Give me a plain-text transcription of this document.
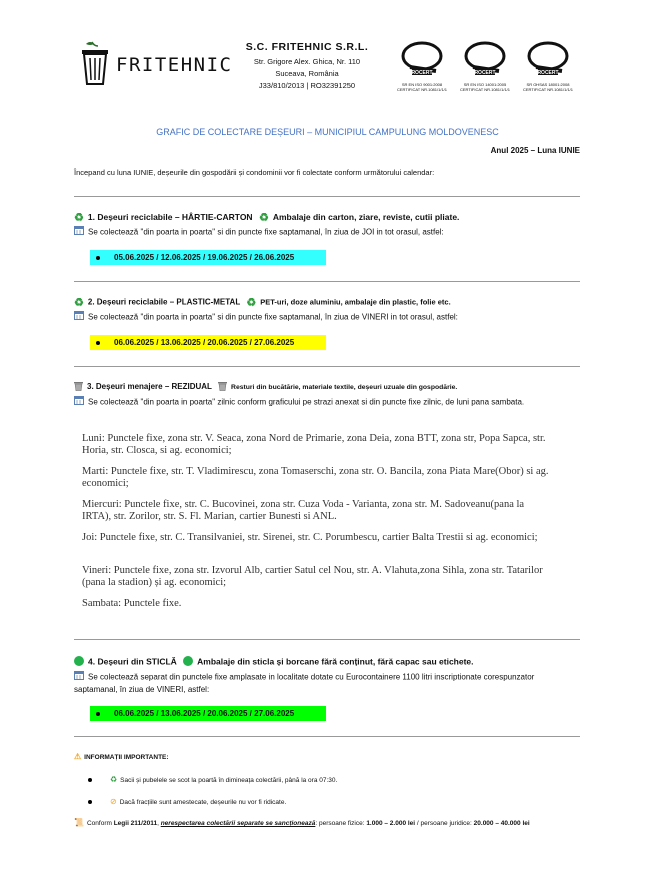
FRITEHNIC
S.C. FRITEHNIC S.R.L.
Str. Grigore Alex. Ghica, Nr. 110
Suceava, România
J33/810/2013 | RO32391250
ROCERT
SR EN ISO 9001:2008
CERTIFICAT NR.1081/1/1/1
ROCERT
SR EN ISO 14001:2005
CERTIFICAT NR.1081/1/1/1
ROCERT
SR OHSAS 18001:2008
CERTIFICAT NR.1081/1/1/1
GRAFIC DE COLECTARE DEȘEURI – MUNICIPIUL CAMPULUNG MOLDOVENESC
Anul 2025 – Luna IUNIE
Începand cu luna IUNIE, deșeurile din gospodării și condominii vor fi colectate conform următorului calendar:
♻ 1. Deșeuri reciclabile – HÂRTIE-CARTON ♻ Ambalaje din carton, ziare, reviste, cutii pliate.
Se colectează "din poarta in poarta" si din puncte fixe saptamanal, în ziua de JOI in tot orasul, astfel:
05.06.2025 / 12.06.2025 / 19.06.2025 / 26.06.2025
♻ 2. Deșeuri reciclabile – PLASTIC-METAL ♻ PET-uri, doze aluminiu, ambalaje din plastic, folie etc.
Se colectează "din poarta in poarta" si din puncte fixe saptamanal, în ziua de VINERI in tot orasul, astfel:
06.06.2025 / 13.06.2025 / 20.06.2025 / 27.06.2025
3. Deșeuri menajere – REZIDUAL	Resturi din bucătărie, materiale textile, deșeuri uzuale din gospodărie.
Se colectează "din poarta in poarta" zilnic conform graficului pe strazi anexat si din puncte fixe zilnic, de luni pana sambata.
Luni: Punctele fixe, zona str. V. Seaca, zona Nord de Primarie, zona Deia, zona BTT, zona str, Popa Sapca, str. Horia, str. Closca, si ag. economici;
Marti: Punctele fixe, str. T. Vladimirescu, zona Tomaserschi, zona str. O. Bancila, zona Piata Mare(Obor) si ag. economici;
Miercuri: Punctele fixe, str. C. Bucovinei, zona str. Cuza Voda - Varianta, zona str. M. Sadoveanu(pana la IRTA), str. Zorilor, str. S. Fl. Marian, cartier Bunesti si ANL.
Joi: Punctele fixe, str. C. Transilvaniei, str. Sirenei, str. C. Porumbescu, cartier Balta Trestii si ag. economici;
Vineri: Punctele fixe, zona str. Izvorul Alb, cartier Satul cel Nou, str. A. Vlahuta,zona Sihla, zona str. Tatarilor (pana la stadion) și ag. economici;
Sambata: Punctele fixe.
4. Deșeuri din STICLĂ Ambalaje din sticla și borcane fără conținut, fără capac sau etichete.
Se colectează separat din punctele fixe amplasate in localitate dotate cu Eurocontainere 1100 litri inscriptionate corespunzator saptamanal, în ziua de VINERI, astfel:
06.06.2025 / 13.06.2025 / 20.06.2025 / 27.06.2025
⚠ INFORMAȚII IMPORTANTE:
♻ Sacii și pubelele se scot la poartă în dimineața colectării, până la ora 07:30.
⊘ Dacă fracțiile sunt amestecate, deșeurile nu vor fi ridicate.
📜 Conform Legii 211/2011, nerespectarea colectării separate se sancționează: persoane fizice: 1.000 – 2.000 lei / persoane juridice: 20.000 – 40.000 lei
